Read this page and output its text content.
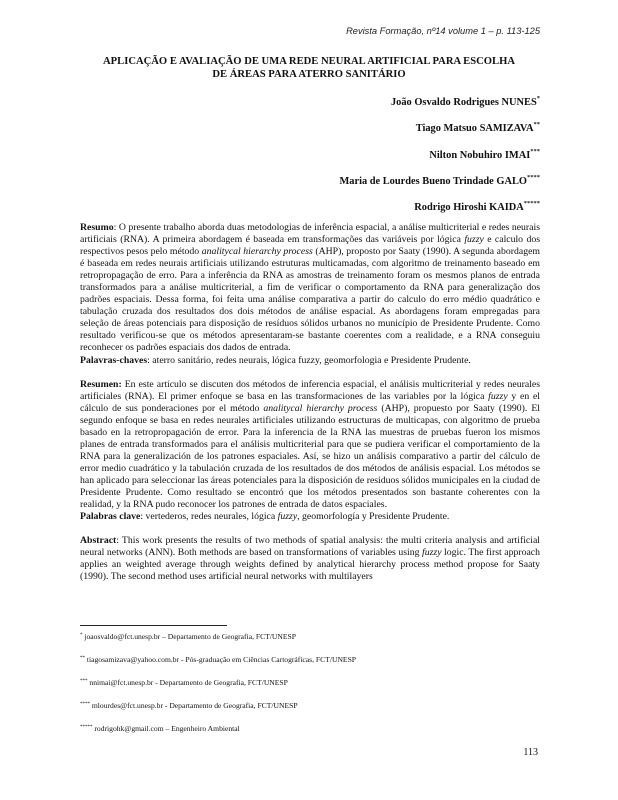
Revista Formação, nº14 volume 1 – p. 113-125
APLICAÇÃO E AVALIAÇÃO DE UMA REDE NEURAL ARTIFICIAL PARA ESCOLHA
DE ÁREAS PARA ATERRO SANITÁRIO
João Osvaldo Rodrigues NUNES*
Tiago Matsuo SAMIZAVA**
Nilton Nobuhiro IMAI***
Maria de Lourdes Bueno Trindade GALO****
Rodrigo Hiroshi KAIDA*****

Resumo: O presente trabalho aborda duas metodologias de inferência espacial, a análise multicriterial e redes neurais artificiais (RNA). A primeira abordagem é baseada em transformações das variáveis por lógica fuzzy e calculo dos respectivos pesos pelo método analitycal hierarchy process (AHP), proposto por Saaty (1990). A segunda abordagem é baseada em redes neurais artificiais utilizando estruturas multicamadas, com algoritmo de treinamento baseado em retropropagação de erro. Para a inferência da RNA as amostras de treinamento foram os mesmos planos de entrada transformados para a análise multicriterial, a fim de verificar o comportamento da RNA para generalização dos padrões espaciais. Dessa forma, foi feita uma análise comparativa a partir do calculo do erro médio quadrático e tabulação cruzada dos resultados dos dois métodos de análise espacial. As abordagens foram empregadas para seleção de áreas potenciais para disposição de resíduos sólidos urbanos no município de Presidente Prudente. Como resultado verificou-se que os métodos apresentaram-se bastante coerentes com a realidade, e a RNA conseguiu reconhecer os padrões espaciais dos dados de entrada.

Palavras-chaves: aterro sanitário, redes neurais, lógica fuzzy, geomorfologia e Presidente Prudente.

Resumen: En este artículo se discuten dos métodos de inferencia espacial, el análisis multicriterial y redes neurales artificiales (RNA). El primer enfoque se basa en las transformaciones de las variables por la lógica fuzzy y en el cálculo de sus ponderaciones por el método analitycal hierarchy process (AHP), propuesto por Saaty (1990). El segundo enfoque se basa en redes neurales artificiales utilizando estructuras de multicapas, con algoritmo de prueba basado en la retropropagación de error. Para la inferencia de la RNA las muestras de pruebas fueron los mismos planes de entrada transformados para el análisis multicriterial para que se pudiera verificar el comportamiento de la RNA para la generalización de los patrones espaciales. Así, se hizo un análisis comparativo a partir del cálculo de error medio cuadrático y la tabulación cruzada de los resultados de dos métodos de análisis espacial. Los métodos se han aplicado para seleccionar las áreas potenciales para la disposición de residuos sólidos municipales en la ciudad de Presidente Prudente. Como resultado se encontró que los métodos presentados son bastante coherentes con la realidad, y la RNA pudo reconocer los patrones de entrada de datos espaciales.

Palabras clave: vertederos, redes neurales, lógica fuzzy, geomorfología y Presidente Prudente.

Abstract: This work presents the results of two methods of spatial analysis: the multi criteria analysis and artificial neural networks (ANN). Both methods are based on transformations of variables using fuzzy logic. The first approach applies an weighted average through weights defined by analytical hierarchy process method propose for Saaty (1990). The second method uses artificial neural networks with multilayers

* joaosvaldo@fct.unesp.br – Departamento de Geografia, FCT/UNESP
** tiagosamizava@yahoo.com.br - Pós-graduação em Ciências Cartográficas, FCT/UNESP
*** nnimai@fct.unesp.br - Departamento de Geografia, FCT/UNESP
**** mlourdes@fct.unesp.br - Departamento de Geografia, FCT/UNESP
***** rodrigohk@gmail.com – Engenheiro Ambiental
113
